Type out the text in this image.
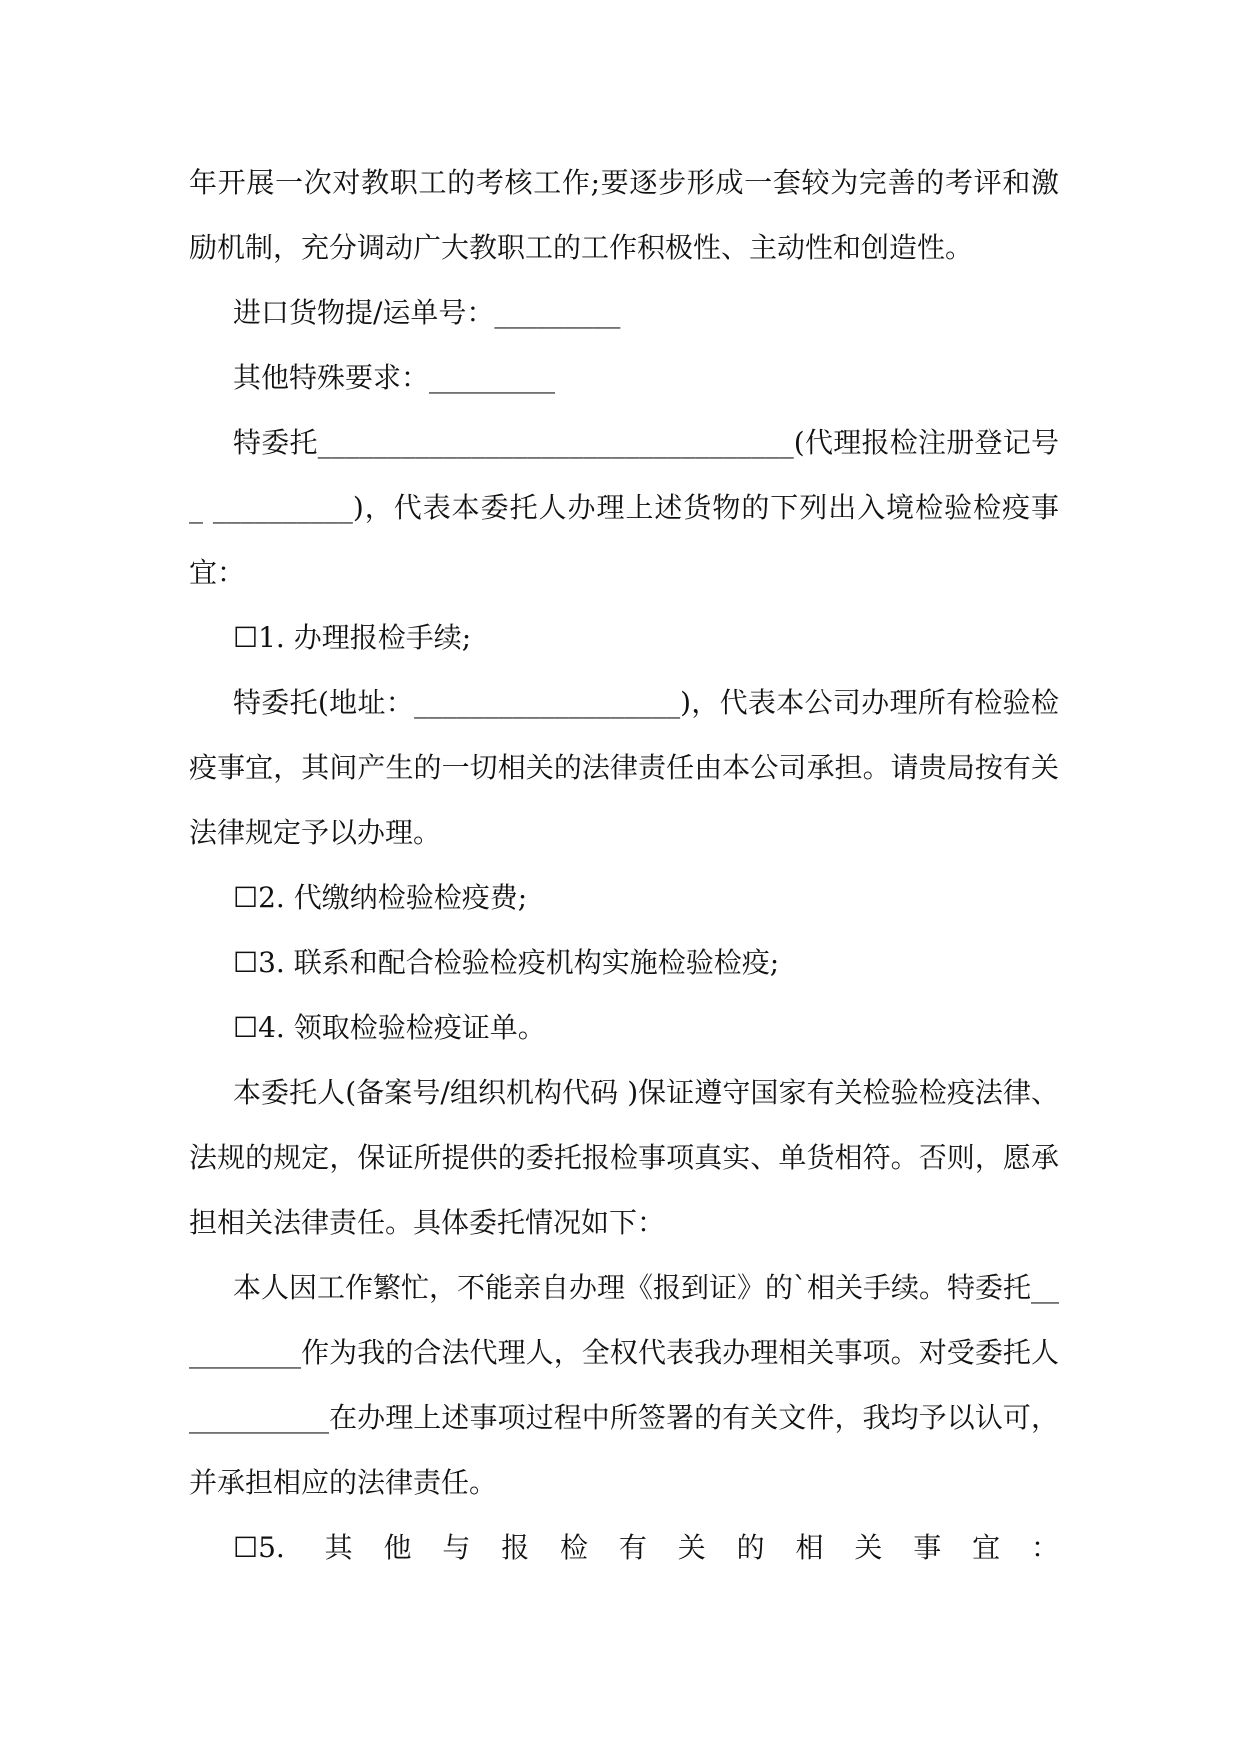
年开展一次对教职工的考核工作;要逐步形成一套较为完善的考评和激励机制，充分调动广大教职工的工作积极性、主动性和创造性。

进口货物提/运单号：_________

其他特殊要求：_________

特委托__________________________________(代理报检注册登记号_ __________)，代表本委托人办理上述货物的下列出入境检验检疫事宜：

☐1. 办理报检手续;

特委托(地址：___________________)，代表本公司办理所有检验检疫事宜，其间产生的一切相关的法律责任由本公司承担。请贵局按有关法律规定予以办理。

☐2. 代缴纳检验检疫费;

☐3. 联系和配合检验检疫机构实施检验检疫;

☐4. 领取检验检疫证单。

本委托人(备案号/组织机构代码 )保证遵守国家有关检验检疫法律、法规的规定，保证所提供的委托报检事项真实、单货相符。否则，愿承担相关法律责任。具体委托情况如下：

本人因工作繁忙，不能亲自办理《报到证》的`相关手续。特委托__________作为我的合法代理人，全权代表我办理相关事项。对受委托人__________在办理上述事项过程中所签署的有关文件，我均予以认可，并承担相应的法律责任。

☐5. 其他与报检有关的相关事宜：
